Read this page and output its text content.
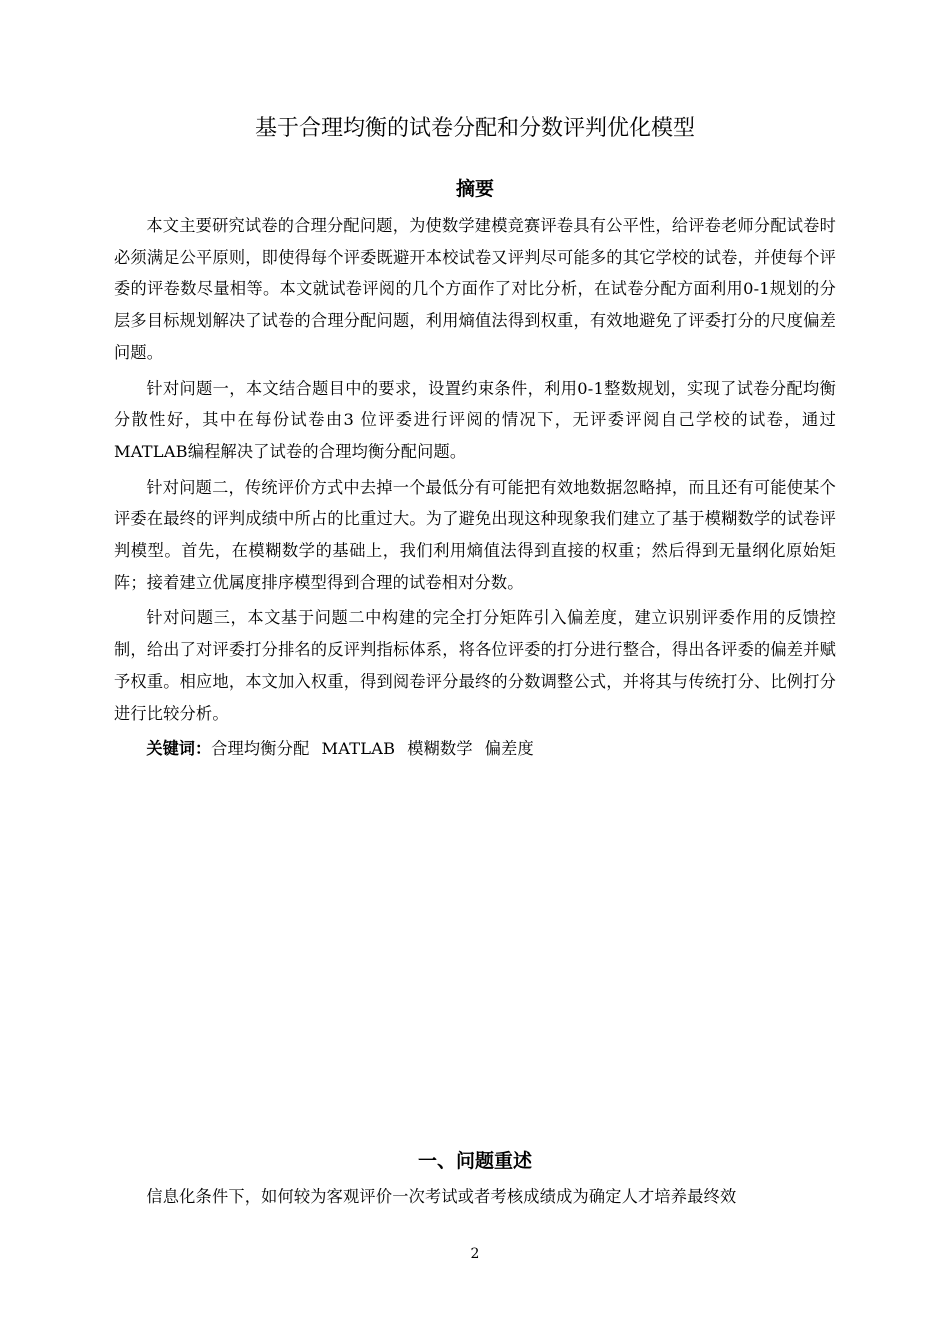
基于合理均衡的试卷分配和分数评判优化模型
摘要

本文主要研究试卷的合理分配问题，为使数学建模竞赛评卷具有公平性，给评卷老师分配试卷时必须满足公平原则，即使得每个评委既避开本校试卷又评判尽可能多的其它学校的试卷，并使每个评委的评卷数尽量相等。本文就试卷评阅的几个方面作了对比分析，在试卷分配方面利用0-1规划的分层多目标规划解决了试卷的合理分配问题，利用熵值法得到权重，有效地避免了评委打分的尺度偏差问题。

针对问题一，本文结合题目中的要求，设置约束条件，利用0-1整数规划，实现了试卷分配均衡分散性好，其中在每份试卷由3 位评委进行评阅的情况下，无评委评阅自己学校的试卷，通过MATLAB编程解决了试卷的合理均衡分配问题。

针对问题二，传统评价方式中去掉一个最低分有可能把有效地数据忽略掉，而且还有可能使某个评委在最终的评判成绩中所占的比重过大。为了避免出现这种现象我们建立了基于模糊数学的试卷评判模型。首先，在模糊数学的基础上，我们利用熵值法得到直接的权重；然后得到无量纲化原始矩阵；接着建立优属度排序模型得到合理的试卷相对分数。

针对问题三，本文基于问题二中构建的完全打分矩阵引入偏差度，建立识别评委作用的反馈控制，给出了对评委打分排名的反评判指标体系，将各位评委的打分进行整合，得出各评委的偏差并赋予权重。相应地，本文加入权重，得到阅卷评分最终的分数调整公式，并将其与传统打分、比例打分进行比较分析。

关键词：合理均衡分配 MATLAB 模糊数学 偏差度

一、问题重述

信息化条件下，如何较为客观评价一次考试或者考核成绩成为确定人才培养最终效

2
